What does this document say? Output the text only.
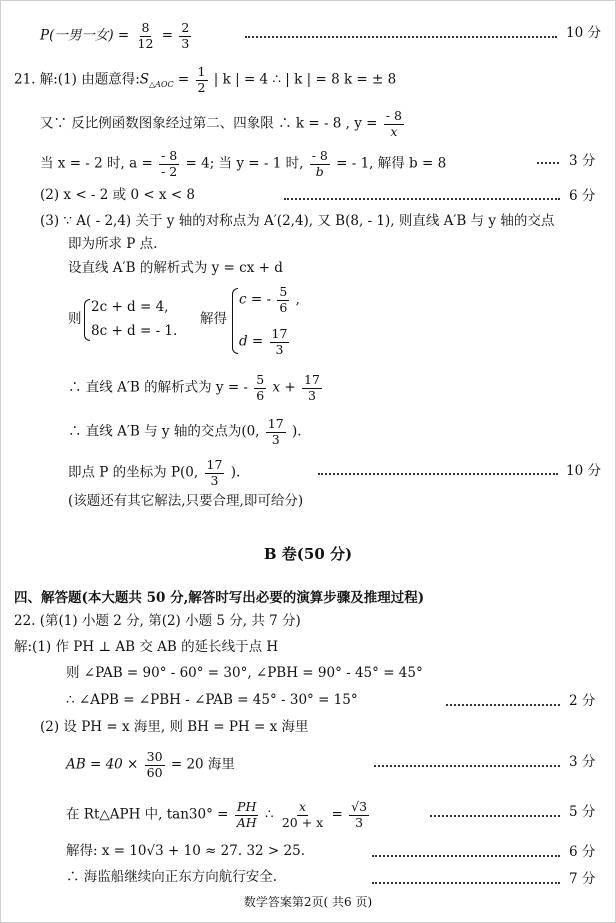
P(一男一女) = $\frac{8}{12} = \frac{2}{3}$	10 分
21. 解:(1) 由题意得$:S_{\triangle AOC} = \frac{1}{2}$ | k | = 4 ∴ | k | = 8 k = ± 8
又∵ 反比例函数图象经过第二、四象限 ∴ k = - 8 , $y = \frac{- 8}{x}$
当 x = - 2 时, $a = \frac{- 8}{- 2} = 4$; 当 y = - 1 时, $\frac{- 8}{b}$ = - 1, 解得 b = 8	3 分
(2) x < - 2 或 0 < x < 8	6 分
(3) ∵ A( - 2,4) 关于 y 轴的对称点为 A′(2,4), 又 B(8, - 1), 则直线 A′B 与 y 轴的交点
即为所求 P 点.
设直线 A′B 的解析式为 y = cx + d
则
2c + d = 4,
8c + d = - 1.
解得
c = - $\frac{5}{6}$ ,
$d = \frac{17}{3}$
∴ 直线 A′B 的解析式为 y = - $\frac{5}{6}$ $x + \frac{17}{3}$
∴ 直线 A′B 与 y 轴的交点为(0, $\frac{17}{3}$ ).
即点 P 的坐标为 P(0, $\frac{17}{3}$ ).	10 分
(该题还有其它解法,只要合理,即可给分)
B 卷(50 分)
四、解答题(本大题共 50 分,解答时写出必要的演算步骤及推理过程)
22. (第(1) 小题 2 分, 第(2) 小题 5 分, 共 7 分)
解:(1) 作 PH ⊥ AB 交 AB 的延长线于点 H
则 ∠PAB = 90° - 60° = 30°, ∠PBH = 90° - 45° = 45°
∴ ∠APB = ∠PBH - ∠PAB = 45° - 30° = 15°	2 分
(2) 设 PH = x 海里, 则 BH = PH = x 海里
AB = $40 \times \frac{30}{60} = 20$ 海里	3 分
在 Rt△APH 中, $\tan 30^\circ = \frac{PH}{AH}$ ∴ $\frac{x}{20 + x} = \frac{√3}{3}$	5 分
解得: x = 10√3 + 10 ≈ 27. 32 > 25.	6 分
∴ 海监船继续向正东方向航行安全.	7 分
数学答案第2页( 共6 页)
